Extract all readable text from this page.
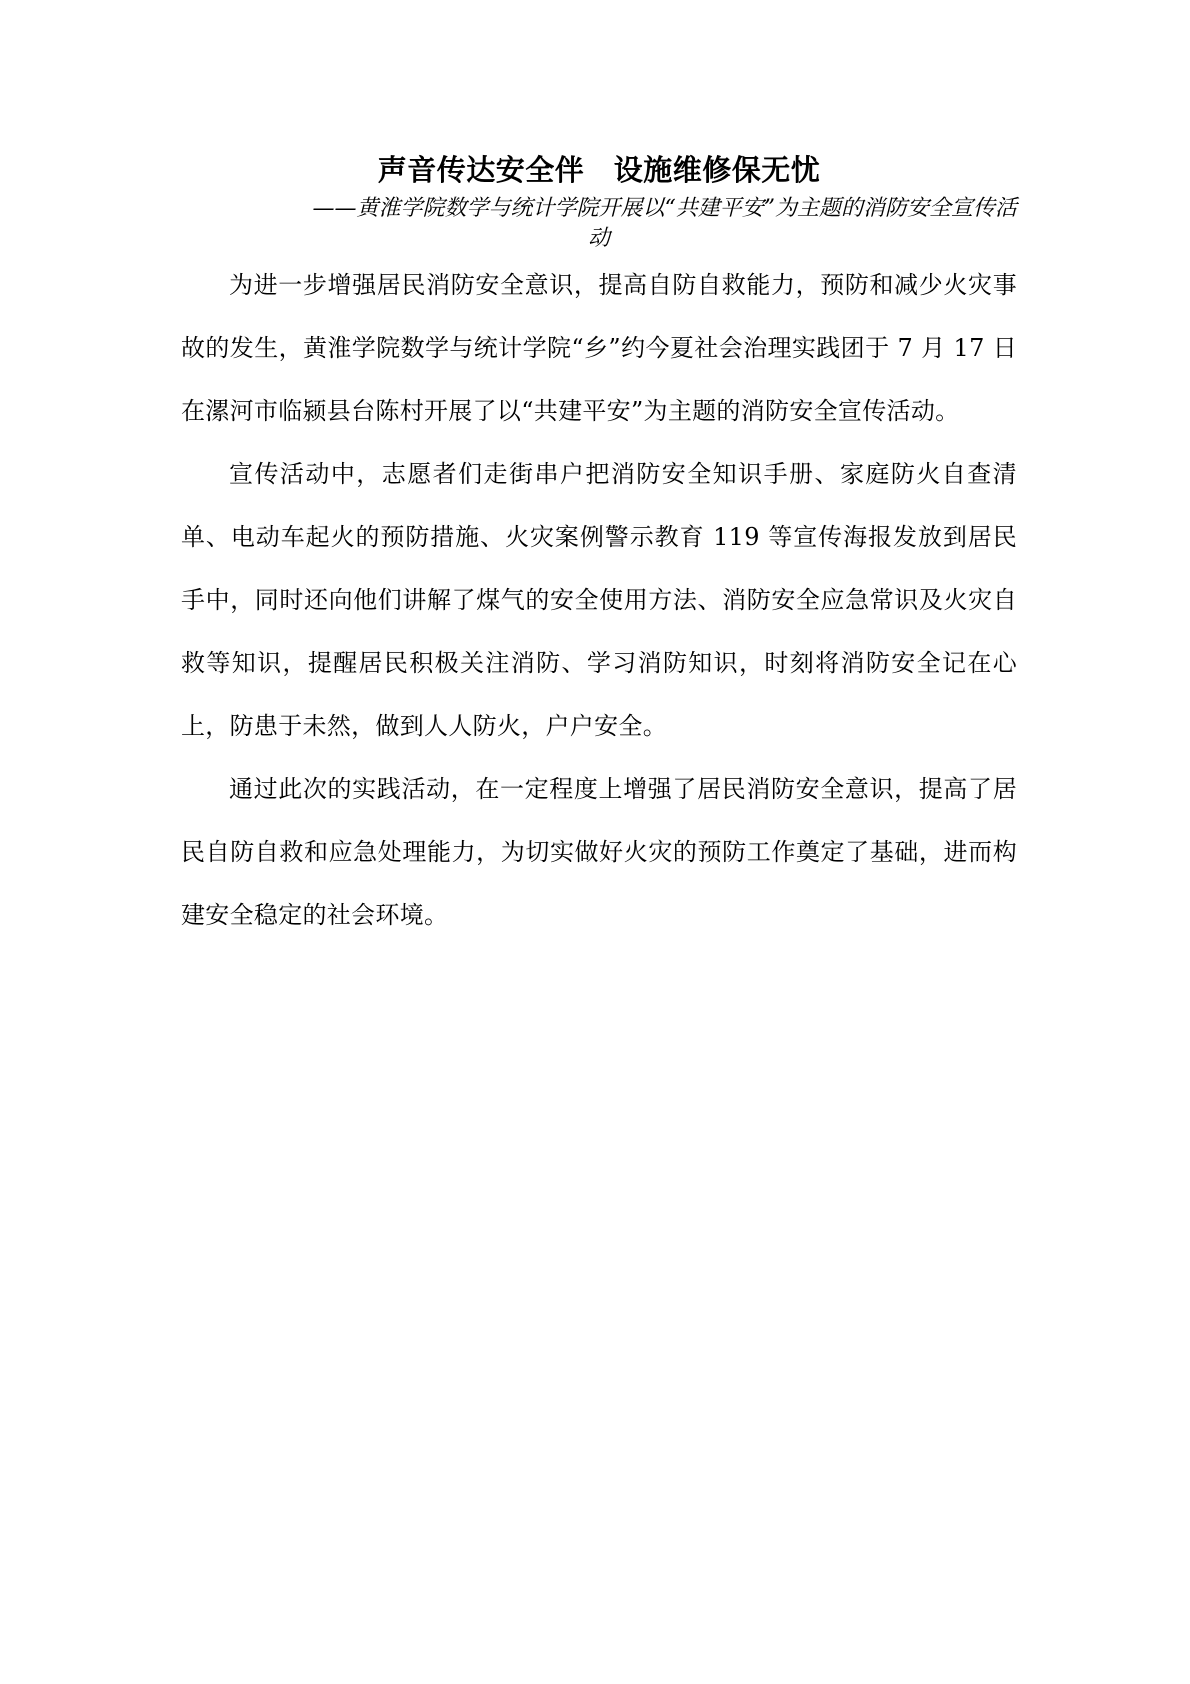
声音传达安全伴　设施维修保无忧

——黄淮学院数学与统计学院开展以“共建平安”为主题的消防安全宣传活

动

为进一步增强居民消防安全意识，提高自防自救能力，预防和减少火灾事故的发生，黄淮学院数学与统计学院“乡”约今夏社会治理实践团于 7 月 17 日在漯河市临颍县台陈村开展了以“共建平安”为主题的消防安全宣传活动。

宣传活动中，志愿者们走街串户把消防安全知识手册、家庭防火自查清单、电动车起火的预防措施、火灾案例警示教育 119 等宣传海报发放到居民手中，同时还向他们讲解了煤气的安全使用方法、消防安全应急常识及火灾自救等知识，提醒居民积极关注消防、学习消防知识，时刻将消防安全记在心上，防患于未然，做到人人防火，户户安全。

通过此次的实践活动，在一定程度上增强了居民消防安全意识，提高了居民自防自救和应急处理能力，为切实做好火灾的预防工作奠定了基础，进而构建安全稳定的社会环境。
